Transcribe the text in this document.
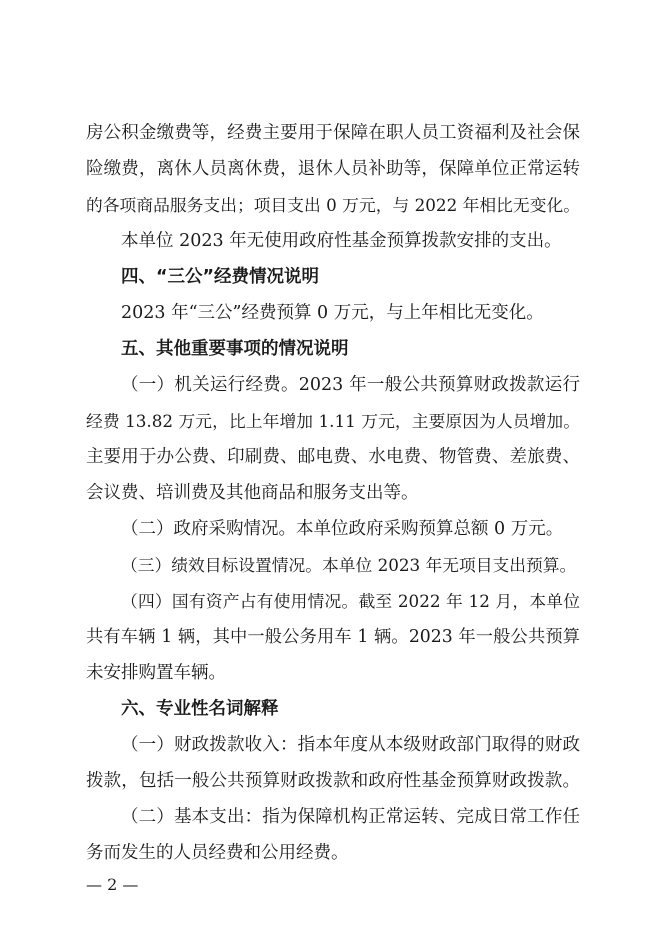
房公积金缴费等，经费主要用于保障在职人员工资福利及社会保
险缴费，离休人员离休费，退休人员补助等，保障单位正常运转
的各项商品服务支出；项目支出 0 万元，与 2022 年相比无变化。
本单位 2023 年无使用政府性基金预算拨款安排的支出。
四、“三公”经费情况说明
2023 年“三公”经费预算 0 万元，与上年相比无变化。
五、其他重要事项的情况说明
（一）机关运行经费。2023 年一般公共预算财政拨款运行
经费 13.82 万元，比上年增加 1.11 万元，主要原因为人员增加。
主要用于办公费、印刷费、邮电费、水电费、物管费、差旅费、
会议费、培训费及其他商品和服务支出等。
（二）政府采购情况。本单位政府采购预算总额 0 万元。
（三）绩效目标设置情况。本单位 2023 年无项目支出预算。
（四）国有资产占有使用情况。截至 2022 年 12 月，本单位
共有车辆 1 辆，其中一般公务用车 1 辆。2023 年一般公共预算
未安排购置车辆。
六、专业性名词解释
（一）财政拨款收入：指本年度从本级财政部门取得的财政
拨款，包括一般公共预算财政拨款和政府性基金预算财政拨款。
（二）基本支出：指为保障机构正常运转、完成日常工作任
务而发生的人员经费和公用经费。
— 2 —
